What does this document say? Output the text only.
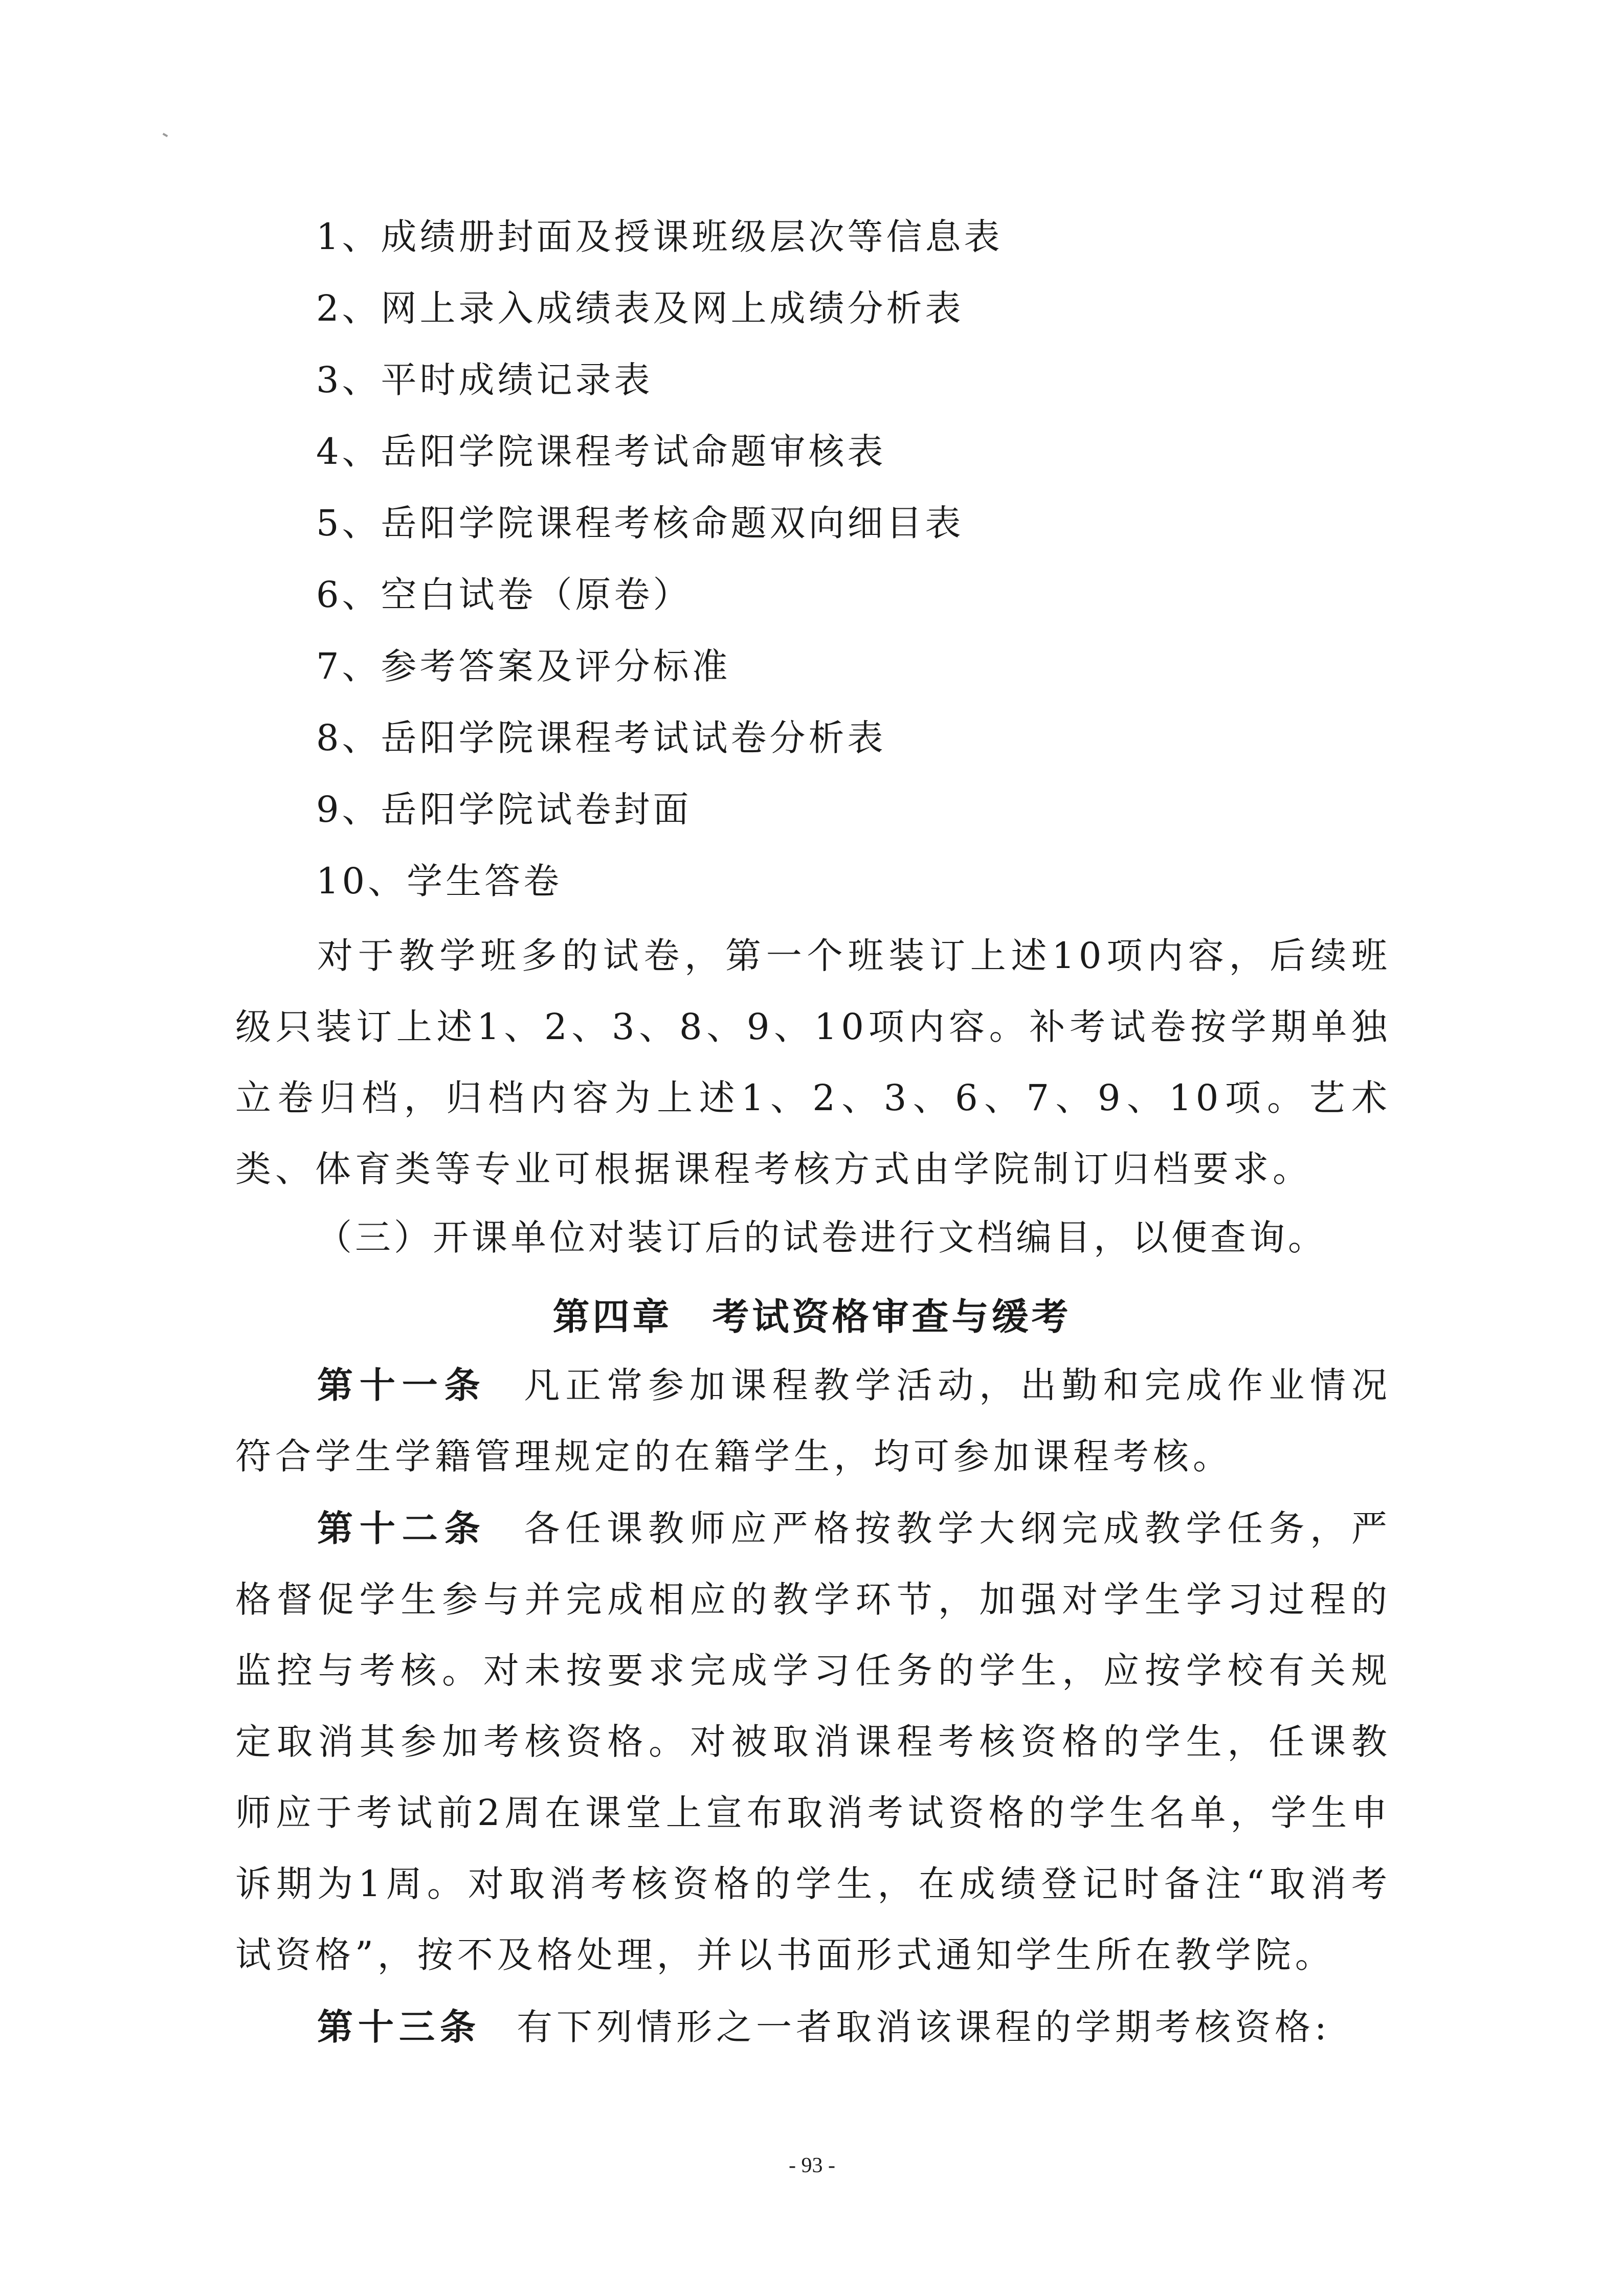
1、成绩册封面及授课班级层次等信息表
2、网上录入成绩表及网上成绩分析表
3、平时成绩记录表
4、岳阳学院课程考试命题审核表
5、岳阳学院课程考核命题双向细目表
6、空白试卷（原卷）
7、参考答案及评分标准
8、岳阳学院课程考试试卷分析表
9、岳阳学院试卷封面
10、学生答卷
对于教学班多的试卷，第一个班装订上述10项内容，后续班级只装订上述1、2、3、8、9、10项内容。补考试卷按学期单独立卷归档，归档内容为上述1、2、3、6、7、9、10项。艺术类、体育类等专业可根据课程考核方式由学院制订归档要求。
（三）开课单位对装订后的试卷进行文档编目，以便查询。
第四章　考试资格审查与缓考
第十一条 凡正常参加课程教学活动，出勤和完成作业情况符合学生学籍管理规定的在籍学生，均可参加课程考核。
第十二条 各任课教师应严格按教学大纲完成教学任务，严格督促学生参与并完成相应的教学环节，加强对学生学习过程的监控与考核。对未按要求完成学习任务的学生，应按学校有关规定取消其参加考核资格。对被取消课程考核资格的学生，任课教师应于考试前2周在课堂上宣布取消考试资格的学生名单，学生申诉期为1周。对取消考核资格的学生，在成绩登记时备注“取消考试资格”，按不及格处理，并以书面形式通知学生所在教学院。
第十三条 有下列情形之一者取消该课程的学期考核资格:
- 93 -
